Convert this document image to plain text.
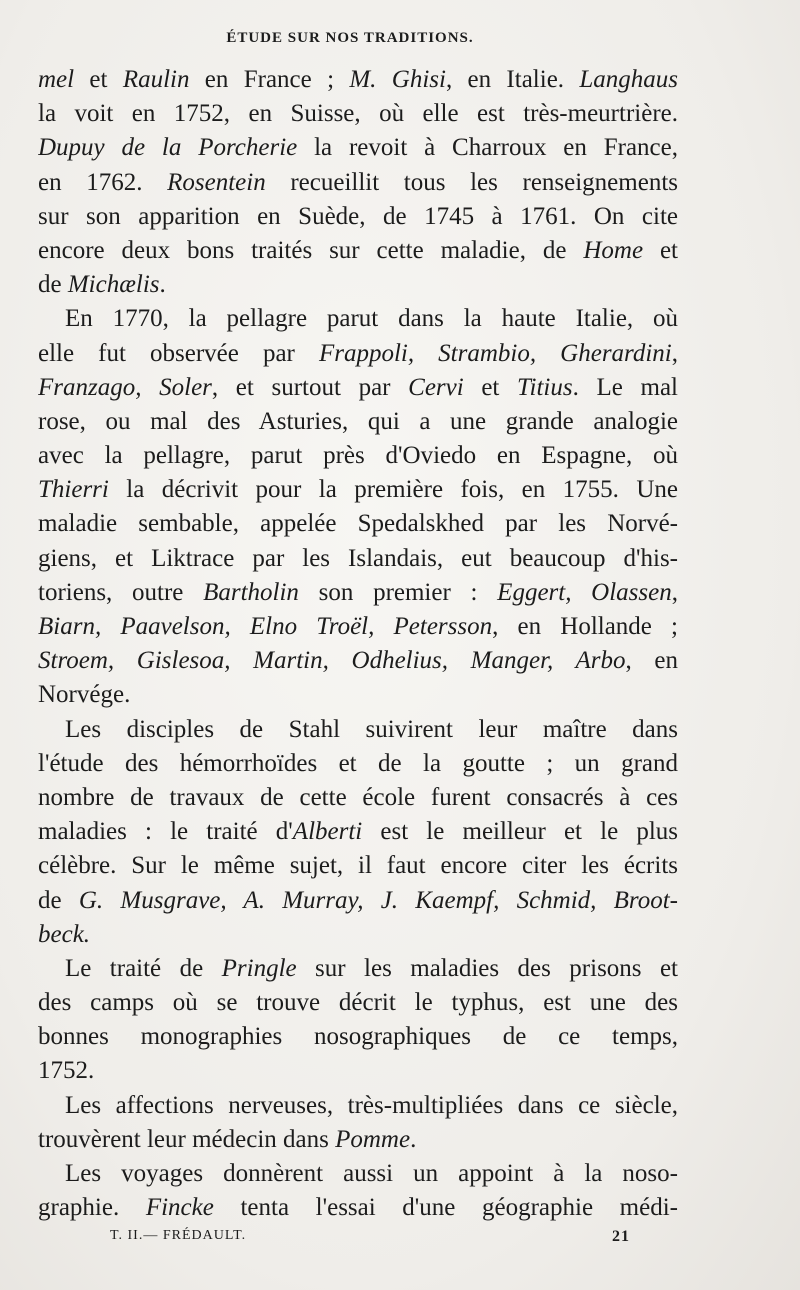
ÉTUDE SUR NOS TRADITIONS.
mel et Raulin en France ; M. Ghisi, en Italie. Langhaus
la voit en 1752, en Suisse, où elle est très-meurtrière.
Dupuy de la Porcherie la revoit à Charroux en France,
en 1762. Rosentein recueillit tous les renseignements
sur son apparition en Suède, de 1745 à 1761. On cite
encore deux bons traités sur cette maladie, de Home et
de Michælis.
En 1770, la pellagre parut dans la haute Italie, où
elle fut observée par Frappoli, Strambio, Gherardini,
Franzago, Soler, et surtout par Cervi et Titius. Le mal
rose, ou mal des Asturies, qui a une grande analogie
avec la pellagre, parut près d'Oviedo en Espagne, où
Thierri la décrivit pour la première fois, en 1755. Une
maladie sembable, appelée Spedalskhed par les Norvé-
giens, et Liktrace par les Islandais, eut beaucoup d'his-
toriens, outre Bartholin son premier : Eggert, Olassen,
Biarn, Paavelson, Elno Troël, Petersson, en Hollande ;
Stroem, Gislesoa, Martin, Odhelius, Manger, Arbo, en
Norvége.
Les disciples de Stahl suivirent leur maître dans
l'étude des hémorrhoïdes et de la goutte ; un grand
nombre de travaux de cette école furent consacrés à ces
maladies : le traité d'Alberti est le meilleur et le plus
célèbre. Sur le même sujet, il faut encore citer les écrits
de G. Musgrave, A. Murray, J. Kaempf, Schmid, Broot-
beck.
Le traité de Pringle sur les maladies des prisons et
des camps où se trouve décrit le typhus, est une des
bonnes monographies nosographiques de ce temps,
1752.
Les affections nerveuses, très-multipliées dans ce siècle,
trouvèrent leur médecin dans Pomme.
Les voyages donnèrent aussi un appoint à la noso-
graphie. Fincke tenta l'essai d'une géographie médi-
T. II.— FRÉDAULT.	21
